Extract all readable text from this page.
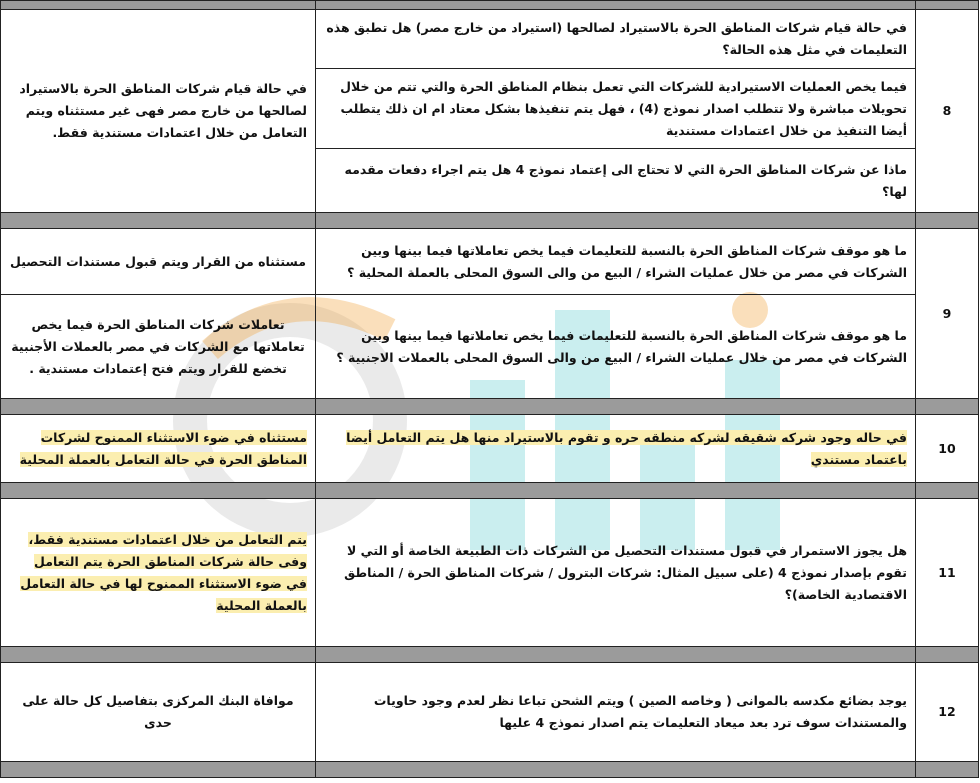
8	في حالة قيام شركات المناطق الحرة بالاستيراد لصالحها (استيراد من خارج مصر) هل تطبق هذه التعليمات في مثل هذه الحالة؟	في حالة قيام شركات المناطق الحرة بالاستيراد لصالحها من خارج مصر فهى غير مستثناه ويتم التعامل من خلال اعتمادات مستندية فقط.
	فيما يخص العمليات الاستيرادية للشركات التي تعمل بنظام المناطق الحرة والتي تتم من خلال تحويلات مباشرة ولا تتطلب اصدار نموذج (4) ، فهل يتم تنفيذها بشكل معتاد ام ان ذلك يتطلب أيضا التنفيذ من خلال اعتمادات مستندية	
	ماذا عن شركات المناطق الحرة التي لا تحتاج الى إعتماد نموذج 4 هل يتم اجراء دفعات مقدمه لها؟	

9	ما هو موقف شركات المناطق الحرة بالنسبة للتعليمات فيما يخص تعاملاتها فيما بينها وبين الشركات في مصر من خلال عمليات الشراء / البيع من والى السوق المحلى بالعملة المحلية ؟	مستثناه من القرار ويتم قبول مستندات التحصيل
	ما هو موقف شركات المناطق الحرة بالنسبة للتعليمات فيما يخص تعاملاتها فيما بينها وبين الشركات في مصر من خلال عمليات الشراء / البيع من والى السوق المحلى بالعملات الاجنبية ؟	تعاملات شركات المناطق الحرة فيما يخص تعاملاتها مع الشركات في مصر بالعملات الأجنبية تخضع للقرار ويتم فتح إعتمادات مستندية .

10	في حاله وجود شركه شقيقه لشركه منطقه حره و تقوم بالاستيراد منها هل يتم التعامل أيضا باعتماد مستندي	مستثناه في ضوء الاستثناء الممنوح لشركات المناطق الحرة في حالة التعامل بالعملة المحلية

11	هل يجوز الاستمرار في قبول مستندات التحصيل من الشركات ذات الطبيعة الخاصة أو التي لا تقوم بإصدار نموذج 4 (على سبيل المثال: شركات البترول / شركات المناطق الحرة / المناطق الاقتصادية الخاصة)؟	يتم التعامل من خلال اعتمادات مستندية فقط، وفى حالة شركات المناطق الحرة يتم التعامل في ضوء الاستثناء الممنوح لها في حالة التعامل بالعملة المحلية

12	يوجد بضائع مكدسه بالموانى ( وخاصه الصين ) ويتم الشحن تباعا نظر لعدم وجود حاويات والمستندات سوف ترد بعد ميعاد التعليمات يتم اصدار نموذج 4 عليها	موافاة البنك المركزى بتفاصيل كل حالة على حدى
